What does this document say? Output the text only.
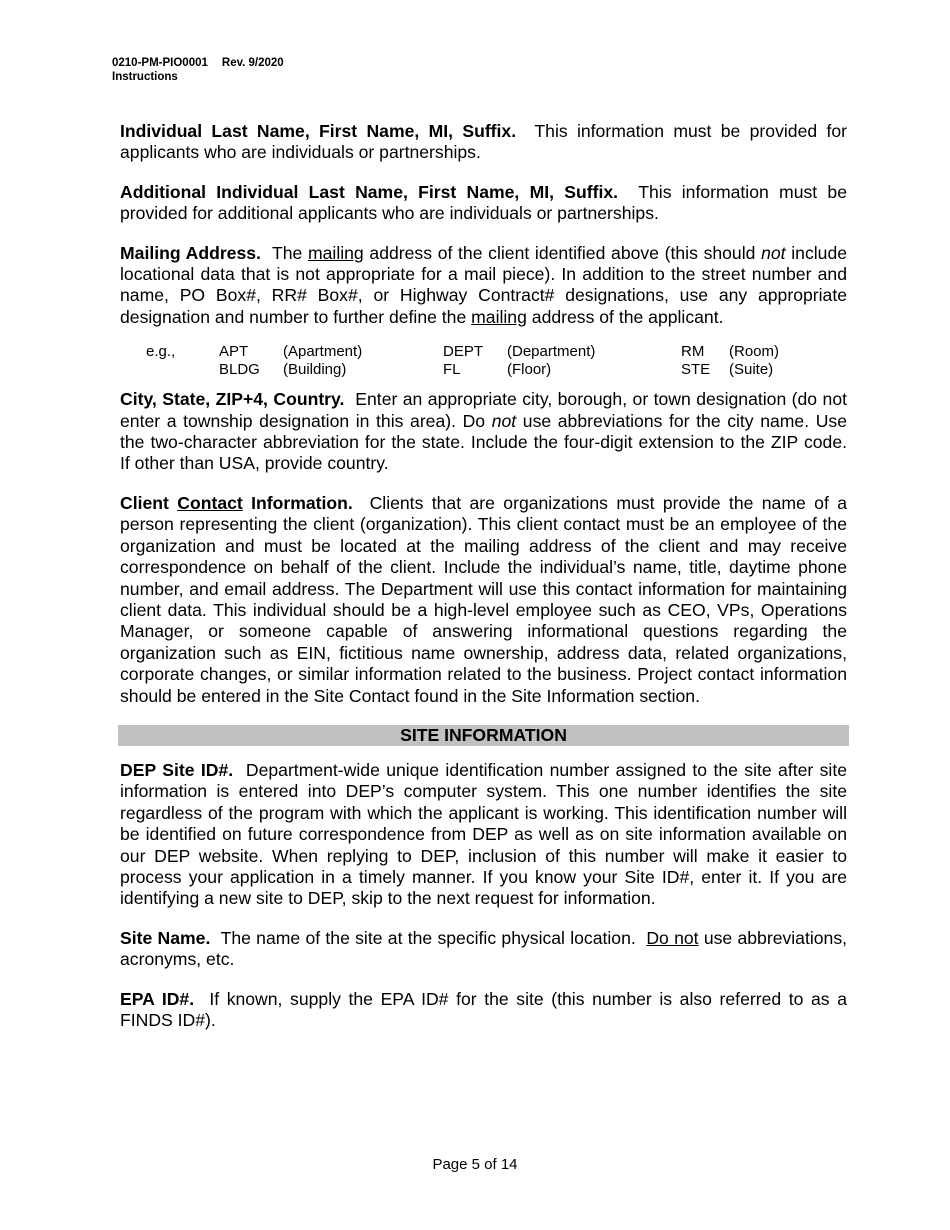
0210-PM-PIO0001 Rev. 9/2020
Instructions

Individual Last Name, First Name, MI, Suffix. This information must be provided for applicants who are individuals or partnerships.

Additional Individual Last Name, First Name, MI, Suffix. This information must be provided for additional applicants who are individuals or partnerships.

Mailing Address. The mailing address of the client identified above (this should not include locational data that is not appropriate for a mail piece). In addition to the street number and name, PO Box#, RR# Box#, or Highway Contract# designations, use any appropriate designation and number to further define the mailing address of the applicant.

e.g.,	APT (Apartment)
BLDG (Building)
DEPT (Department)
FL	(Floor)
RM (Room)
STE (Suite)

City, State, ZIP+4, Country. Enter an appropriate city, borough, or town designation (do not enter a township designation in this area). Do not use abbreviations for the city name. Use the two-character abbreviation for the state. Include the four-digit extension to the ZIP code. If other than USA, provide country.

Client Contact Information. Clients that are organizations must provide the name of a person representing the client (organization). This client contact must be an employee of the organization and must be located at the mailing address of the client and may receive correspondence on behalf of the client. Include the individual’s name, title, daytime phone number, and email address. The Department will use this contact information for maintaining client data. This individual should be a high-level employee such as CEO, VPs, Operations Manager, or someone capable of answering informational questions regarding the organization such as EIN, fictitious name ownership, address data, related organizations, corporate changes, or similar information related to the business. Project contact information should be entered in the Site Contact found in the Site Information section.

SITE INFORMATION

DEP Site ID#. Department-wide unique identification number assigned to the site after site information is entered into DEP’s computer system. This one number identifies the site regardless of the program with which the applicant is working. This identification number will be identified on future correspondence from DEP as well as on site information available on our DEP website. When replying to DEP, inclusion of this number will make it easier to process your application in a timely manner. If you know your Site ID#, enter it. If you are identifying a new site to DEP, skip to the next request for information.

Site Name. The name of the site at the specific physical location. Do not use abbreviations, acronyms, etc.

EPA ID#. If known, supply the EPA ID# for the site (this number is also referred to as a FINDS ID#).

Page 5 of 14
